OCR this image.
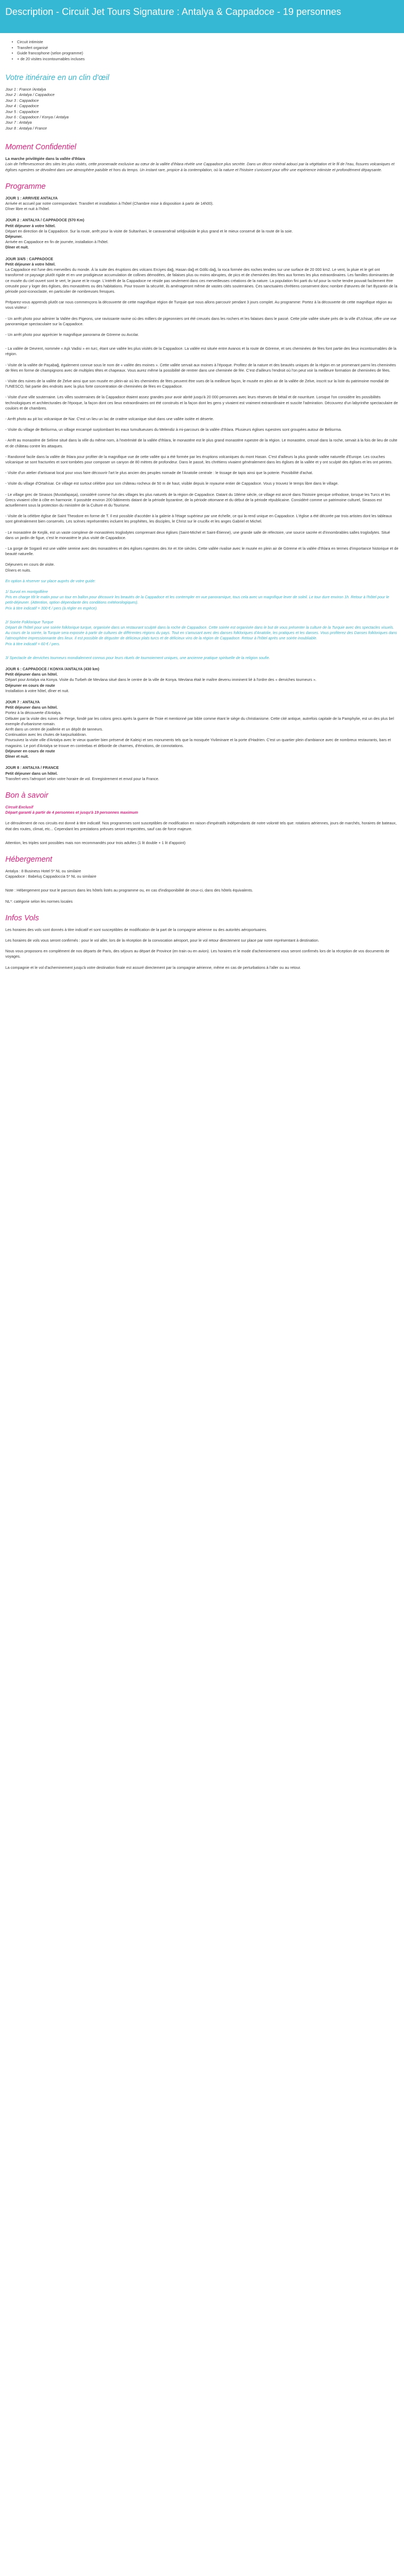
Description - Circuit Jet Tours Signature : Antalya & Cappadoce - 19 personnes
• Circuit intimiste
• Transfert organisé
• Guide francophone (selon programme)
• + de 20 visites incontournables incluses
Votre itinéraire en un clin d'œil
Jour 1 : France /Antalya
Jour 2 : Antalya / Cappadoce
Jour 3 : Cappadoce
Jour 4 : Cappadoce
Jour 5 : Cappadoce
Jour 6 : Cappadoce / Konya / Antalya
Jour 7 : Antalya
Jour 8 : Antalya / France
Moment Confidentiel
La marche privilégiée dans la vallée d'Ihlara

Loin de l'effervescence des sites les plus visités, cette promenade exclusive au cœur de la vallée d'Ihlara révèle une Cappadoce plus secrète. Dans un décor minéral adouci par la végétation et le fil de l'eau, fissures volcaniques et églises rupestres se dévoilent dans une atmosphère paisible et hors du temps. Un instant rare, propice à la contemplation, où la nature et l'histoire s'unissent pour offrir une expérience intimiste et profondément dépaysante.

Programme
JOUR 1 : ARRIVEE ANTALYA
Arrivée et accueil par notre correspondant. Transfert et installation à l'hôtel (Chambre mise à disposition à partir de 14h00).
Dîner libre et nuit à l'hôtel.
JOUR 2 : ANTALYA / CAPPADOCE (570 Km)
Petit déjeuner à votre hôtel.
Départ en direction de la Cappadoce. Sur la route, arrêt pour la visite de Sultanhani, le caravansérail seldjoukide le plus grand et le mieux conservé de la route de la soie.
Déjeuner.
Arrivée en Cappadoce en fin de journée, installation à l'hôtel.
Dîner et nuit.
JOUR 3/4/5 : CAPPADOCE
Petit déjeuner à votre hôtel.

La Cappadoce est l'une des merveilles du monde. À la suite des éruptions des volcans Erciyes dağ, Hasan dağ et Göllü dağ, la roca formée des roches tendres sur une surface de 20 000 km2. Le vent, la pluie et le gel ont transformé ce paysage plutôt rigide et en une prodigieuse accumulation de collines démodées, de falaises plus ou moins abruptes, de pics et de cheminées des fées aux formes les plus extraordinaires. Les familles dominantes de ce musée du ciel ouvert sont le vert, le jaune et le rouge. L'intérêt de la Cappadoce ne réside pas seulement dans ces merveilleuses créations de la nature. La population fini parti du tuf pour la roche tendre pouvait facilement être creusée pour y loger des églises, des monastères ou des habitations. Pour trouver la sécurité, ils aménageront même de vastes cités souterraines. Ces sanctuaires chrétiens conservent donc nombre d'œuvres de l'art Byzantin de la période post-iconoclaste, en particulier de nombreuses fresques.

Préparez-vous apprends plutôt car nous commençons la découverte de cette magnifique région de Turquie que nous allons parcourir pendant 3 jours complet. Au programme: Portez à la découverte de cette magnifique région au vous visiteur :

- Un arrêt photo pour admirer la Vallée des Pigeons, une ravissante ravine où des milliers de pigeonniers ont été creusés dans les rochers et les falaises dans le passé. Cette jolie vallée située près de la ville d'Uchisar, offre une vue panoramique spectaculaire sur la Cappadoce.

- Un arrêt photo pour apprécier le magnifique panorama de Göreme ou Avcılar.

- La vallée de Devrent, nommée « Aşk Vadisi » en turc, étant une vallée les plus visités de la Cappadoce. La vallée est située entre Avanos et la route de Göreme, et ses cheminées de fées font partie des lieux incontournables de la région.

- Visite de la vallée de Paşabağ, également connue sous le nom de « vallée des moines ». Cette vallée servait aux moines à l'époque. Profitez de la nature et des beautés uniques de la région en se promenant parmi les cheminées de fées en forme de champignons avec de multiples têtes et chapeaux. Vous aurez même la possibilité de rentrer dans une cheminée de fée. C'est d'ailleurs l'endroit où l'on peut voir la meilleure formation de cheminées de fées.

- Visite des ruines de la vallée de Zelve ainsi que son musée en plein-air où les cheminées de fées peuvent être vues de la meilleure façon, le musée en plein air de la vallée de Zelve, inscrit sur la liste du patrimoine mondial de l'UNESCO, fait partie des endroits avec la plus forte concentration de cheminées de fées en Cappadoce.

- Visite d'une ville souterraine. Les villes souterraines de la Cappadoce étaient assez grandes pour avoir abrité jusqu'à 20 000 personnes avec leurs réserves de bétail et de nourriture. Lorsque l'on considère les possibilités technologiques et architecturales de l'époque, la façon dont ces lieux extraordinaires ont été construits et la façon dont les gens y vivaient est vraiment extraordinaire et suscite l'admiration. Découvrez d'un labyrinthe spectaculaire de couloirs et de chambres.

- Arrêt photo au pit loc volcanique de Nar. C'est un lieu un lac de cratère volcanique situé dans une vallée isolée et déserte.

- Visite du village de Belisırma, un village encampé surplombant les eaux tumultueuses du Melendiz à mi-parcours de la vallée d'Ihlara. Plusieurs églises rupestres sont groupées autour de Belisırma.

- Arrêt au monastère de Selime situé dans la ville du même nom, à l'extrémité de la vallée d'Ihlara, le monastère est le plus grand monastère rupestre de la région. Le monastère, creusé dans la roche, servait à la fois de lieu de culte et de château contre les attaques.

- Randonné facile dans la vallée de Ihlara pour profiter de la magnifique vue de cette vallée qui a été formée par les éruptions volcaniques du mont Hasan. C'est d'ailleurs la plus grande vallée naturelle d'Europe. Les couches volcanique se sont fracturées et sont tombées pour composer un canyon de 80 mètres de profondeur. Dans le passé, les chrétiens vivaient généralement dans les églises de la vallée et y ont sculpté des églises et les ont peintes.

- Visite d'un atelier d'artisanat local pour vous faire découvrir l'art le plus ancien des peuples nomade de l'Anatolie centrale : le tissage de tapis ainsi que la poterie. Possibilité d'achat.

- Visite du village d'Ortahisar. Ce village est surtout célèbre pour son château rocheux de 50 m de haut, visible depuis le royaume entier de Cappadoce. Vous y trouvez le temps libre dans le village.

- Le village grec de Sinasos (Mustafapaşa), considéré comme l'un des villages les plus naturels de la région de Cappadoce. Datant du 18ème siècle, ce village est ancré dans l'histoire grecque orthodoxe, lorsque les Turcs et les Grecs vivaient côte à côte en harmonie. Il possède environ 200 bâtiments datant de la période byzantine, de la période ottomane et du début de la période républicaine. Considéré comme un patrimoine culturel, Sinasos est actuellement sous la protection du ministère de la Culture et du Tourisme.

- Visite de la célèbre église de Saint Theodore en forme de T. Il est possible d'accéder à la galerie à l'étage supérieur par une échelle, ce qui la rend unique en Cappadoce. L'église a été décorée par trois artistes dont les tableaux sont généralement bien conservés. Les scènes représentées incluent les prophètes, les disciples, le Christ sur le crucifix et les anges Gabriel et Michel.

- Le monastère de Keşlik, est un vaste complexe de monastères troglodytes comprenant deux églises (Saint-Michel et Saint-Étienne), une grande salle de réfectoire, une source sacrée et d'innombrables salles troglodytes. Situé dans un jardin de figue, c'est le monastère le plus visité de Cappadoce.

- La gorge de Soganli est une vallée sereine avec des monastères et des églises rupestres des Xe et XIe siècles. Cette vallée rivalise avec le musée en plein air de Göreme et la vallée d'Ihlara en termes d'importance historique et de beauté naturelle.

Déjeuners en cours de visite.

Dîners et nuits.

En option à réserver sur place auprès de votre guide:

1/ Survol en montgolfière
Pris en charge tôt le matin pour un tour en ballon pour découvrir les beautés de la Cappadoce et les contempler en vue panoramique, tous cela avec un magnifique lever de soleil. Le tour dure environ 1h. Retour à l'hôtel pour le petit-déjeuner. (Attention, option dépendante des conditions météorologiques).

Prix à titre indicatif = 300 € / pers (à régler en espèce).

2/ Soirée Folklorique Turque
Départ de l'hôtel pour une soirée folklorique turque, organisée dans un restaurant sculpté dans la roche de Cappadoce. Cette soirée est organisée dans le but de vous présenter la culture de la Turquie avec des spectacles visuels. Au cours de la soirée, la Turquie sera exposée à partir de cultures de différentes régions du pays. Tout en s'amusant avec des danses folkloriques d'Anatolie, les pratiques et les danses. Vous profiterez des Danses folkloriques dans l'atmosphère impressionnante des lieux. Il est possible de déguster de délicieux plats turcs et de délicieux vins de la région de Cappadoce. Retour à l'hôtel après une soirée inoubliable.

Prix à titre indicatif = 60 € / pers.

3/ Spectacle de derviches tourneurs mondialement connus pour leurs rituels de tournoiement uniques, une ancienne pratique spirituelle de la religion soufie.

JOUR 6 : CAPPADOCE / KONYA /ANTALYA (430 km)
Petit déjeuner dans un hôtel.
Départ pour Antalya via Konya. Visite du Turbeh de Mevlana situé dans le centre de la ville de Konya. Mevlana était le maître devenu imminent lié à l'ordre des « derviches tourneurs ».
Déjeuner en cours de route
Installation à votre hôtel, dîner et nuit.
JOUR 7 : ANTALYA
Petit déjeuner dans un hôtel.
Portez à la découverte d'Antalya.
Débuter par la visite des ruines de Perge, fondé par les colons grecs après la guerre de Troie et mentionné par bible comme étant le siège du christianisme. Cette cité antique, autrefois capitale de la Pamphylie, est un des plus bel exemple d'urbanisme romain.
Arrêt dans un centre de joaillerie et un dépôt de tanneurs.
Continuation avec les chutes de karpuzkaldıran.
Poursuivez la visite ville d'Antalya avec le vieux quartier bien préservé de Kaleiçi et ses monuments tels que la mosquée Yivliminare et la porte d'Hadrien. C'est un quartier plein d'ambiance avec de nombreux restaurants, bars et magasins. Le port d'Antalya se trouve en contrebas et déborde de charmes, d'émotions, de connotations.
Déjeuner en cours de route
Dîner et nuit.
JOUR 8 : ANTALYA / FRANCE
Petit déjeuner dans un hôtel.
Transfert vers l'aéroport selon votre horaire de vol. Enregistrement et envol pour la France.
Bon à savoir
Circuit Exclusif

Départ garanti à partir de 4 personnes et jusqu'à 19 personnes maximum

Le déroulement de nos circuits est donné à titre indicatif. Nos programmes sont susceptibles de modification en raison d'impératifs indépendants de notre volonté tels que: rotations aériennes, jours de marchés, horaires de bateaux, état des routes, climat, etc... Cependant les prestations prévues seront respectées, sauf cas de force majeure.

Attention, les triples sont possibles mais non recommandés pour trois adultes (1 lit double + 1 lit d'appoint)

Hébergement
Antalya : 8 Business Hotel 5* NL ou similaire

Cappadoce : Babeluş Cappadoccia 5* NL ou similaire

Note : Hébergement pour tout le parcours dans les hôtels listés au programme ou, en cas d'indisponibilité de ceux-ci, dans des hôtels équivalents.

NL*: catégorie selon les normes locales

Infos Vols

Les horaires des vols sont donnés à titre indicatif et sont susceptibles de modification de la part de la compagnie aérienne ou des autorités aéroportuaires.

Les horaires de vols vous seront confirmés : pour le vol aller, lors de la réception de la convocation aéroport, pour le vol retour directement sur place par notre représentant à destination.

Nous vous proposons en complément de nos départs de Paris, des séjours au départ de Province (en train ou en avion). Les horaires et le mode d'acheminement vous seront confirmés lors de la réception de vos documents de voyages.

La compagnie et le vol d'acheminement jusqu'à votre destination finale est assuré directement par la compagnie aérienne, même en cas de perturbations à l'aller ou au retour.
